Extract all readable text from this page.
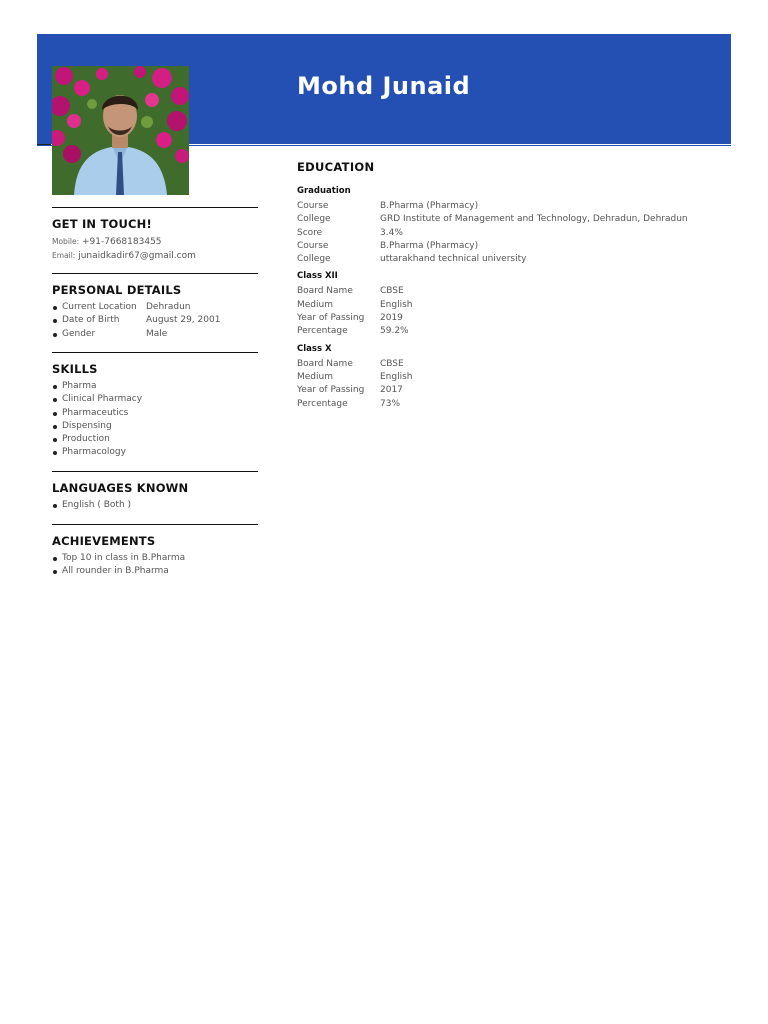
Mohd Junaid
GET IN TOUCH!
Mobile: +91-7668183455
Email: junaidkadir67@gmail.com
PERSONAL DETAILS
Current Location Dehradun
Date of Birth	August 29, 2001
Gender	Male
SKILLS
Pharma
Clinical Pharmacy
Pharmaceutics
Dispensing
Production
Pharmacology
LANGUAGES KNOWN
English ( Both )
ACHIEVEMENTS
Top 10 in class in B.Pharma
All rounder in B.Pharma
EDUCATION
Graduation
Course	B.Pharma (Pharmacy)
College	GRD Institute of Management and Technology, Dehradun, Dehradun
Score	3.4%
Course	B.Pharma (Pharmacy)
College	uttarakhand technical university
Class XII
Board Name	CBSE
Medium	English
Year of Passing 2019
Percentage	59.2%
Class X
Board Name	CBSE
Medium	English
Year of Passing 2017
Percentage	73%
